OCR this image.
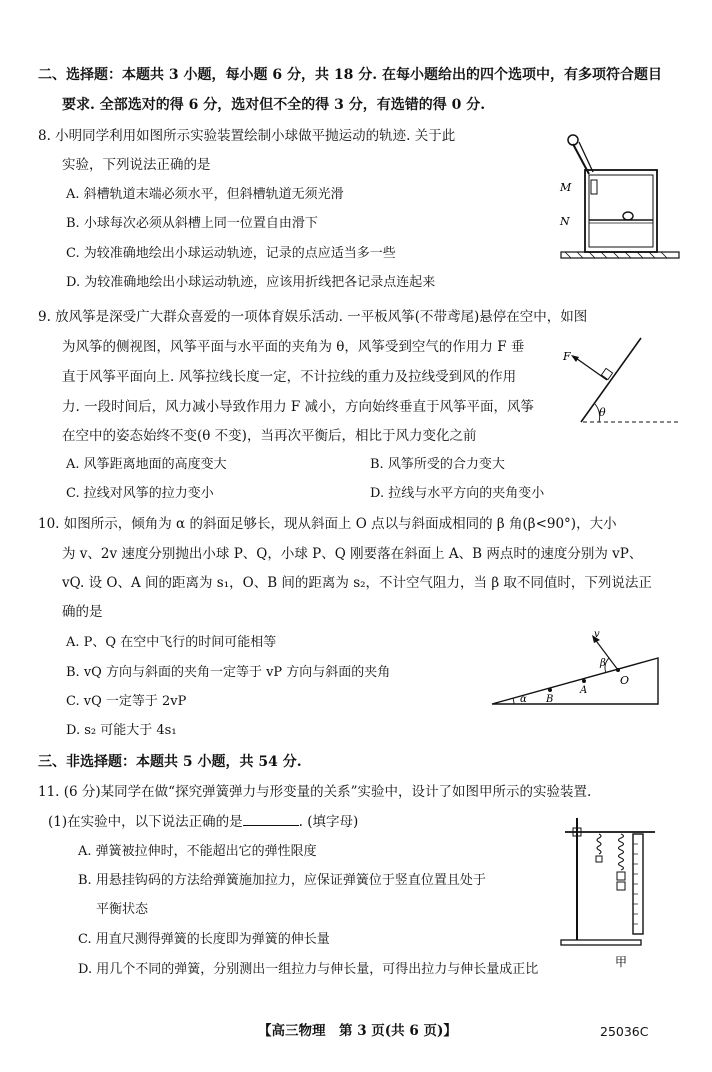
二、选择题：本题共 3 小题，每小题 6 分，共 18 分. 在每小题给出的四个选项中，有多项符合题目
要求. 全部选对的得 6 分，选对但不全的得 3 分，有选错的得 0 分.
8. 小明同学利用如图所示实验装置绘制小球做平抛运动的轨迹. 关于此
实验，下列说法正确的是
A. 斜槽轨道末端必须水平，但斜槽轨道无须光滑
B. 小球每次必须从斜槽上同一位置自由滑下
C. 为较准确地绘出小球运动轨迹，记录的点应适当多一些
D. 为较准确地绘出小球运动轨迹，应该用折线把各记录点连起来
M
N
9. 放风筝是深受广大群众喜爱的一项体育娱乐活动. 一平板风筝(不带鸢尾)悬停在空中，如图
为风筝的侧视图，风筝平面与水平面的夹角为 θ，风筝受到空气的作用力 F 垂
直于风筝平面向上. 风筝拉线长度一定，不计拉线的重力及拉线受到风的作用
力. 一段时间后，风力减小导致作用力 F 减小，方向始终垂直于风筝平面，风筝
在空中的姿态始终不变(θ 不变)，当再次平衡后，相比于风力变化之前
A. 风筝距离地面的高度变大	B. 风筝所受的合力变大
C. 拉线对风筝的拉力变小	D. 拉线与水平方向的夹角变小
θ
F
10. 如图所示，倾角为 α 的斜面足够长，现从斜面上 O 点以与斜面成相同的 β 角(β<90°)，大小
为 v、2v 速度分别抛出小球 P、Q，小球 P、Q 刚要落在斜面上 A、B 两点时的速度分别为 vP、
vQ. 设 O、A 间的距离为 s₁，O、B 间的距离为 s₂，不计空气阻力，当 β 取不同值时，下列说法正
确的是
A. P、Q 在空中飞行的时间可能相等
B. vQ 方向与斜面的夹角一定等于 vP 方向与斜面的夹角
C. vQ 一定等于 2vP
D. s₂ 可能大于 4s₁
α B
A
O
v
β
三、非选择题：本题共 5 小题，共 54 分.
11. (6 分)某同学在做“探究弹簧弹力与形变量的关系”实验中，设计了如图甲所示的实验装置.
(1)在实验中，以下说法正确的是	. (填字母)
A. 弹簧被拉伸时，不能超出它的弹性限度
B. 用悬挂钩码的方法给弹簧施加拉力，应保证弹簧位于竖直位置且处于
平衡状态
C. 用直尺测得弹簧的长度即为弹簧的伸长量
D. 用几个不同的弹簧，分别测出一组拉力与伸长量，可得出拉力与伸长量成正比	甲
【高三物理　第 3 页(共 6 页)】	25036C
